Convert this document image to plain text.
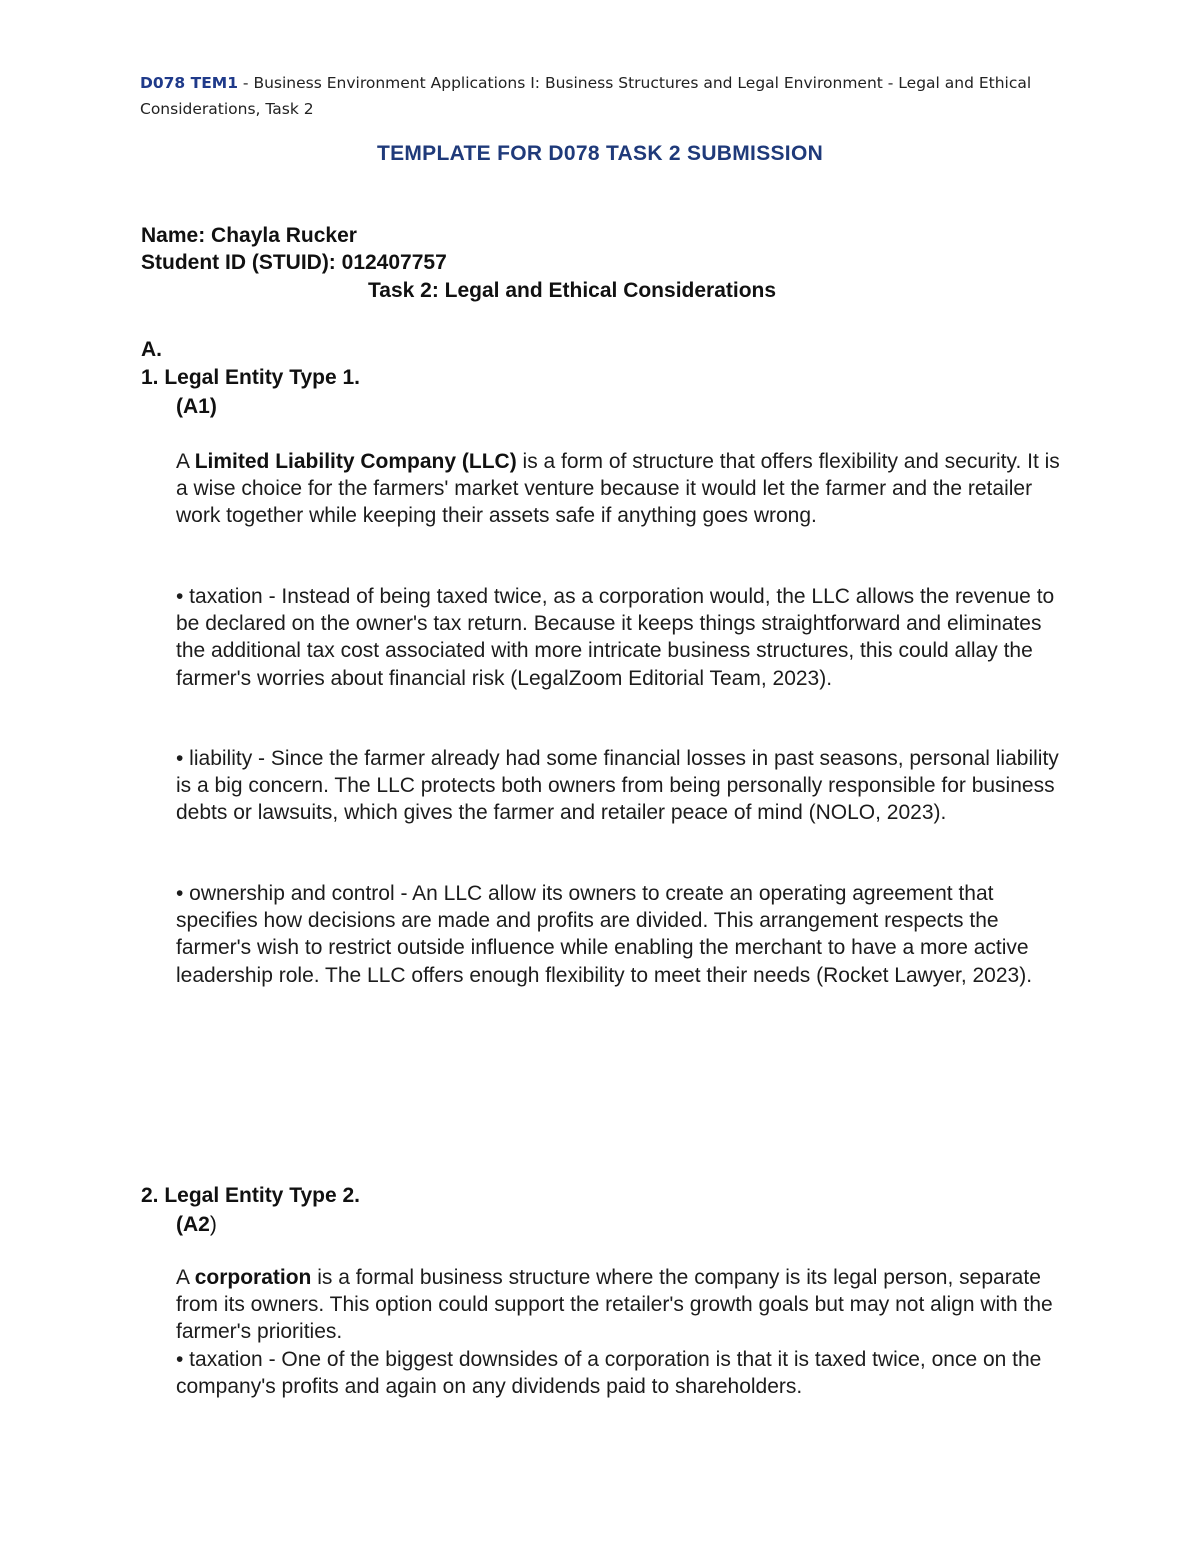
D078 TEM1 - Business Environment Applications I: Business Structures and Legal Environment - Legal and Ethical Considerations, Task 2
TEMPLATE FOR D078 TASK 2 SUBMISSION
Name: Chayla Rucker
Student ID (STUID): 012407757
Task 2: Legal and Ethical Considerations
A.
1. Legal Entity Type 1.
(A1)
A Limited Liability Company (LLC) is a form of structure that offers flexibility and security. It is a wise choice for the farmers' market venture because it would let the farmer and the retailer work together while keeping their assets safe if anything goes wrong.
• taxation - Instead of being taxed twice, as a corporation would, the LLC allows the revenue to be declared on the owner's tax return. Because it keeps things straightforward and eliminates the additional tax cost associated with more intricate business structures, this could allay the farmer's worries about financial risk (LegalZoom Editorial Team, 2023).
• liability - Since the farmer already had some financial losses in past seasons, personal liability is a big concern. The LLC protects both owners from being personally responsible for business debts or lawsuits, which gives the farmer and retailer peace of mind (NOLO, 2023).
• ownership and control - An LLC allow its owners to create an operating agreement that specifies how decisions are made and profits are divided. This arrangement respects the farmer's wish to restrict outside influence while enabling the merchant to have a more active leadership role. The LLC offers enough flexibility to meet their needs (Rocket Lawyer, 2023).
2. Legal Entity Type 2.
(A2)
A corporation is a formal business structure where the company is its legal person, separate from its owners. This option could support the retailer's growth goals but may not align with the farmer's priorities.
• taxation - One of the biggest downsides of a corporation is that it is taxed twice, once on the company's profits and again on any dividends paid to shareholders.
